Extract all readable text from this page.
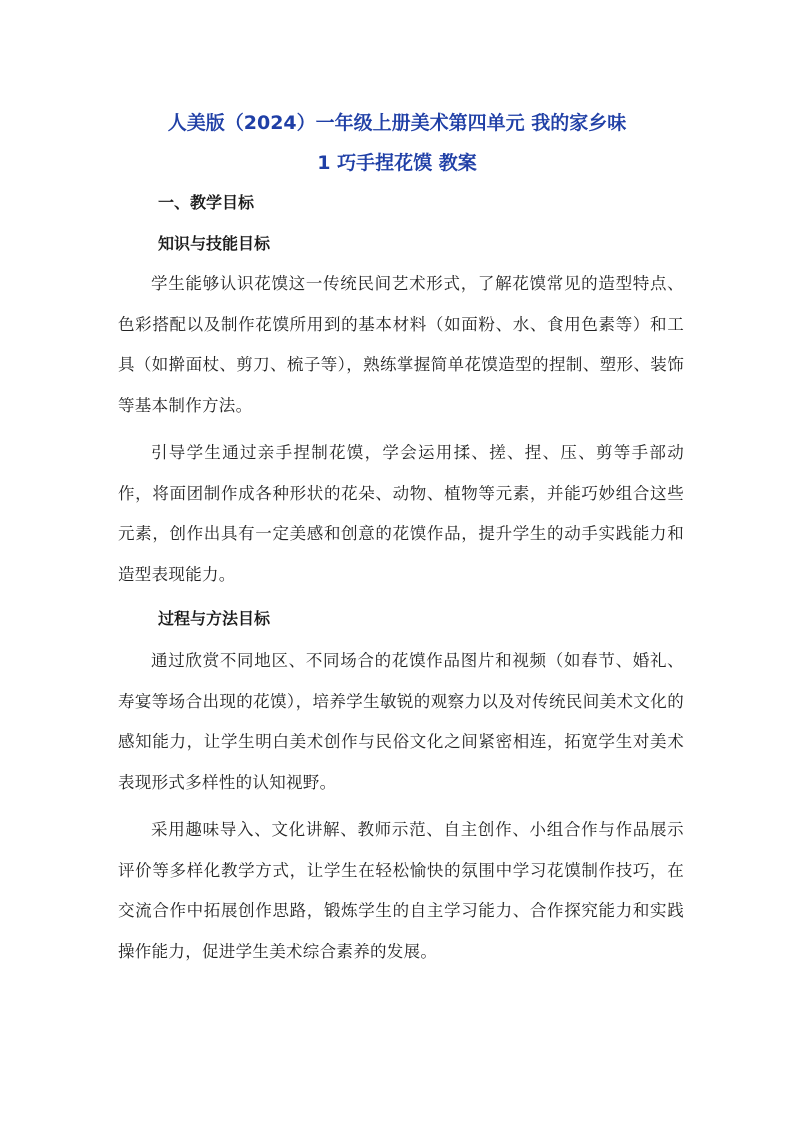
人美版（2024）一年级上册美术第四单元 我的家乡味
1 巧手捏花馍 教案
一、教学目标
知识与技能目标
学生能够认识花馍这一传统民间艺术形式，了解花馍常见的造型特点、色彩搭配以及制作花馍所用到的基本材料（如面粉、水、食用色素等）和工具（如擀面杖、剪刀、梳子等），熟练掌握简单花馍造型的捏制、塑形、装饰等基本制作方法。
引导学生通过亲手捏制花馍，学会运用揉、搓、捏、压、剪等手部动作，将面团制作成各种形状的花朵、动物、植物等元素，并能巧妙组合这些元素，创作出具有一定美感和创意的花馍作品，提升学生的动手实践能力和造型表现能力。
过程与方法目标
通过欣赏不同地区、不同场合的花馍作品图片和视频（如春节、婚礼、寿宴等场合出现的花馍），培养学生敏锐的观察力以及对传统民间美术文化的感知能力，让学生明白美术创作与民俗文化之间紧密相连，拓宽学生对美术表现形式多样性的认知视野。
采用趣味导入、文化讲解、教师示范、自主创作、小组合作与作品展示评价等多样化教学方式，让学生在轻松愉快的氛围中学习花馍制作技巧，在交流合作中拓展创作思路，锻炼学生的自主学习能力、合作探究能力和实践操作能力，促进学生美术综合素养的发展。
